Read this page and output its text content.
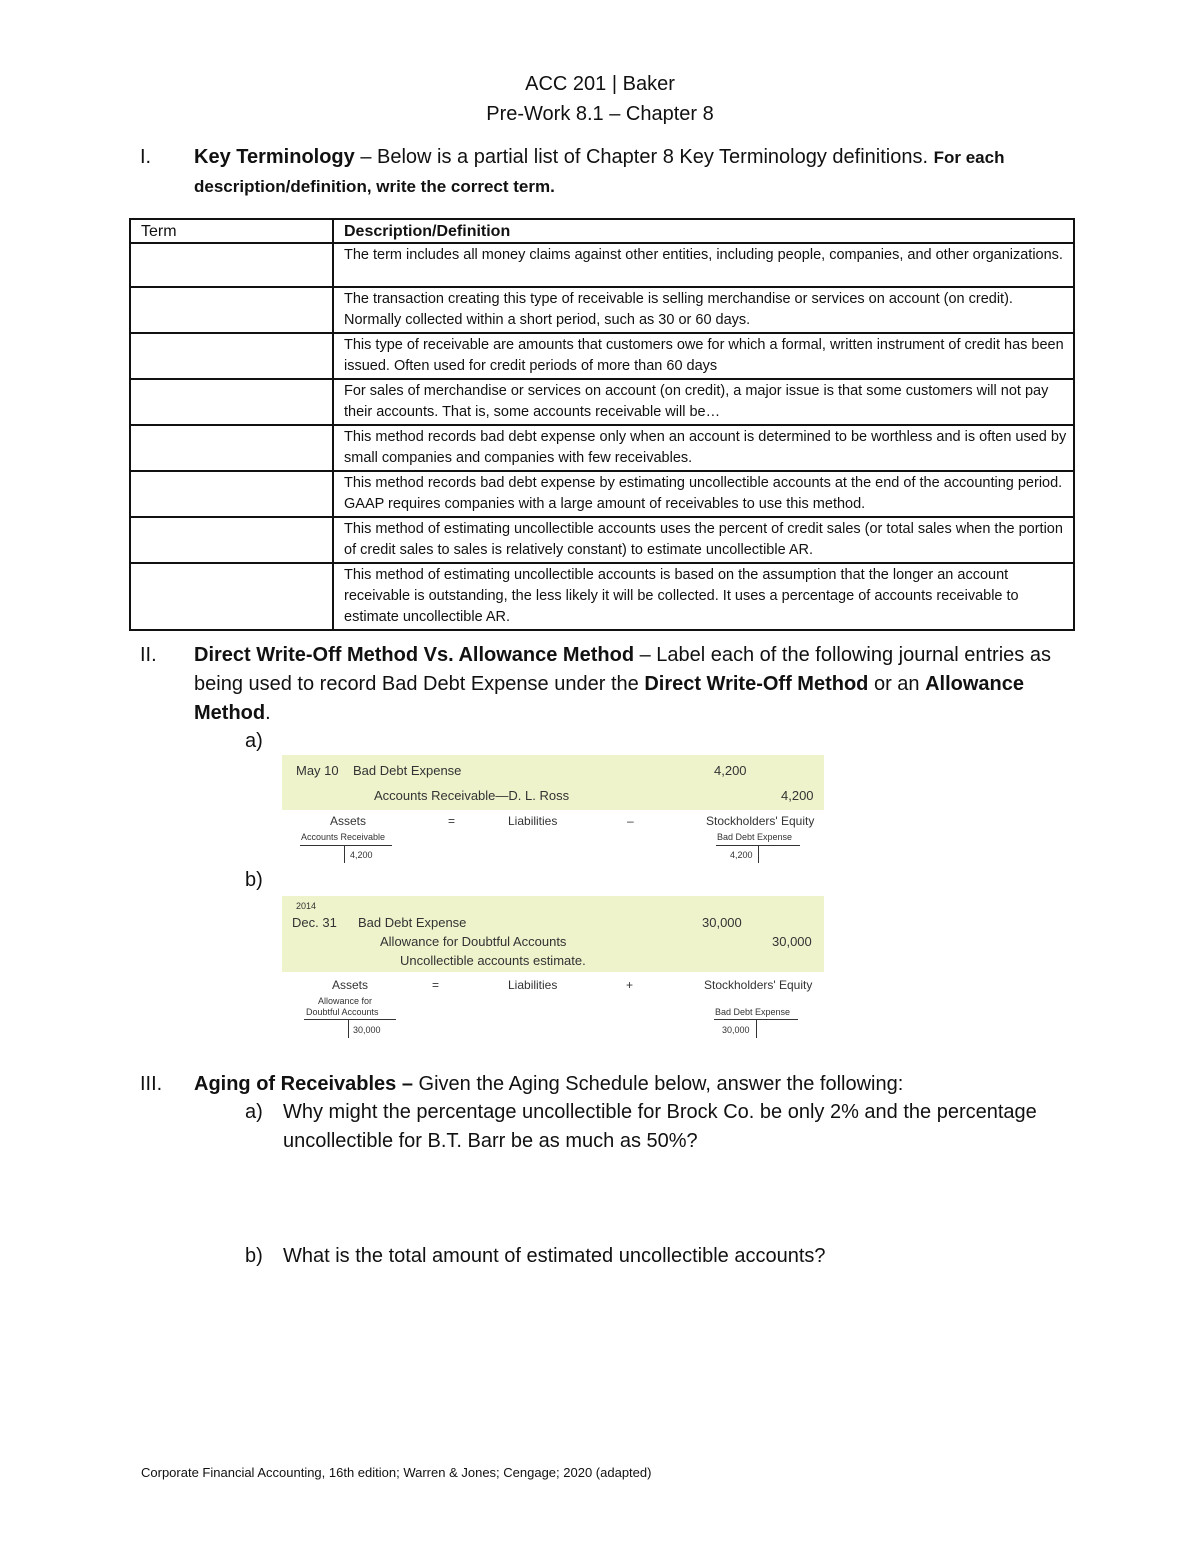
ACC 201 | Baker
Pre-Work 8.1 – Chapter 8
I.	Key Terminology – Below is a partial list of Chapter 8 Key Terminology definitions. For each description/definition, write the correct term.
Term	Description/Definition
	The term includes all money claims against other entities, including people, companies, and other organizations.
	The transaction creating this type of receivable is selling merchandise or services on account (on credit). Normally collected within a short period, such as 30 or 60 days.
	This type of receivable are amounts that customers owe for which a formal, written instrument of credit has been issued. Often used for credit periods of more than 60 days
	For sales of merchandise or services on account (on credit), a major issue is that some customers will not pay their accounts. That is, some accounts receivable will be…
	This method records bad debt expense only when an account is determined to be worthless and is often used by small companies and companies with few receivables.
	This method records bad debt expense by estimating uncollectible accounts at the end of the accounting period. GAAP requires companies with a large amount of receivables to use this method.
	This method of estimating uncollectible accounts uses the percent of credit sales (or total sales when the portion of credit sales to sales is relatively constant) to estimate uncollectible AR.
	This method of estimating uncollectible accounts is based on the assumption that the longer an account receivable is outstanding, the less likely it will be collected. It uses a percentage of accounts receivable to estimate uncollectible AR.
II.	Direct Write-Off Method Vs. Allowance Method – Label each of the following journal entries as being used to record Bad Debt Expense under the Direct Write-Off Method or an Allowance Method.
a)
May 10 Bad Debt Expense	4,200
Accounts Receivable—D. L. Ross	4,200
Assets	=	Liabilities	–	Stockholders' Equity
Accounts Receivable
4,200
Bad Debt Expense
4,200
b)
2014
Dec. 31 Bad Debt Expense	30,000
Allowance for Doubtful Accounts	30,000
Uncollectible accounts estimate.
Assets	=	Liabilities	+	Stockholders' Equity
Allowance for
Doubtful Accounts
30,000
Bad Debt Expense
30,000
III.	Aging of Receivables – Given the Aging Schedule below, answer the following:
a) Why might the percentage uncollectible for Brock Co. be only 2% and the percentage uncollectible for B.T. Barr be as much as 50%?
b) What is the total amount of estimated uncollectible accounts?
Corporate Financial Accounting, 16th edition; Warren & Jones; Cengage; 2020 (adapted)
